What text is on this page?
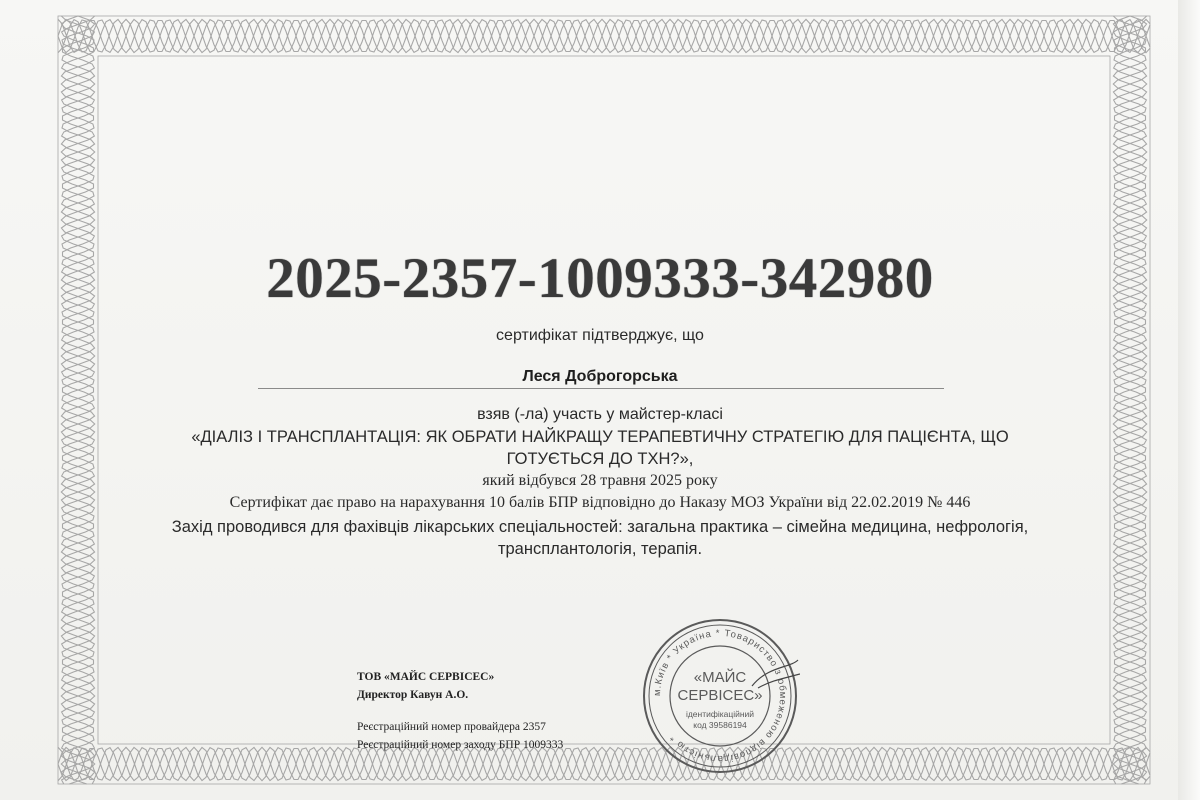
2025-2357-1009333-342980
сертифікат підтверджує, що
Леся Доброгорська
взяв (-ла) участь у майстер-класі
«ДІАЛІЗ І ТРАНСПЛАНТАЦІЯ: ЯК ОБРАТИ НАЙКРАЩУ ТЕРАПЕВТИЧНУ СТРАТЕГІЮ ДЛЯ ПАЦІЄНТА, ЩО
ГОТУЄТЬСЯ ДО ТХН?»,
який відбувся 28 травня 2025 року
Сертифікат дає право на нарахування 10 балів БПР відповідно до Наказу МОЗ України від 22.02.2019 № 446
Захід проводився для фахівців лікарських спеціальностей: загальна практика – сімейна медицина, нефрологія,
трансплантологія, терапія.
ТОВ «МАЙС СЕРВІСЕС»
Директор Кавун А.О.
Реєстраційний номер провайдера 2357
Реєстраційний номер заходу БПР 1009333
м.Київ * Україна * Товариство з обмеженою відповідальністю *
«МАЙС
СЕРВІСЕС»
ідентифікаційний
код 39586194
